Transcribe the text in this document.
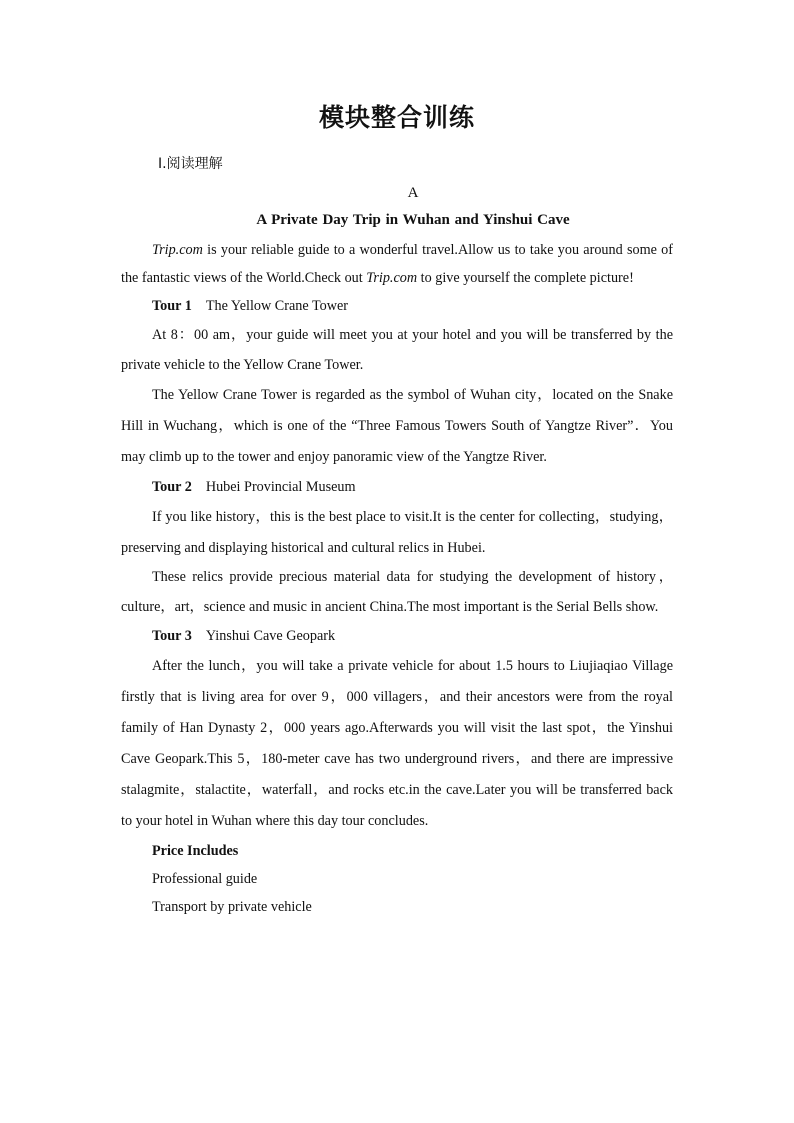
模块整合训练
Ⅰ.阅读理解
A
A Private Day Trip in Wuhan and Yinshui Cave

Trip.com is your reliable guide to a wonderful travel.Allow us to take you around some of the fantastic views of the World.Check out Trip.com to give yourself the complete picture!

Tour 1 The Yellow Crane Tower

At 8：00 am，your guide will meet you at your hotel and you will be transferred by the private vehicle to the Yellow Crane Tower.

The Yellow Crane Tower is regarded as the symbol of Wuhan city，located on the Snake Hill in Wuchang，which is one of the “Three Famous Towers South of Yangtze River”．You may climb up to the tower and enjoy panoramic view of the Yangtze River.

Tour 2 Hubei Provincial Museum

If you like history，this is the best place to visit.It is the center for collecting，studying，preserving and displaying historical and cultural relics in Hubei.

These relics provide precious material data for studying the development of history，culture，art，science and music in ancient China.The most important is the Serial Bells show.

Tour 3 Yinshui Cave Geopark

After the lunch，you will take a private vehicle for about 1.5 hours to Liujiaqiao Village firstly that is living area for over 9，000 villagers，and their ancestors were from the royal family of Han Dynasty 2，000 years ago.Afterwards you will visit the last spot，the Yinshui Cave Geopark.This 5，180-meter cave has two underground rivers，and there are impressive stalagmite，stalactite，waterfall，and rocks etc.in the cave.Later you will be transferred back to your hotel in Wuhan where this day tour concludes.

Price Includes

Professional guide

Transport by private vehicle
